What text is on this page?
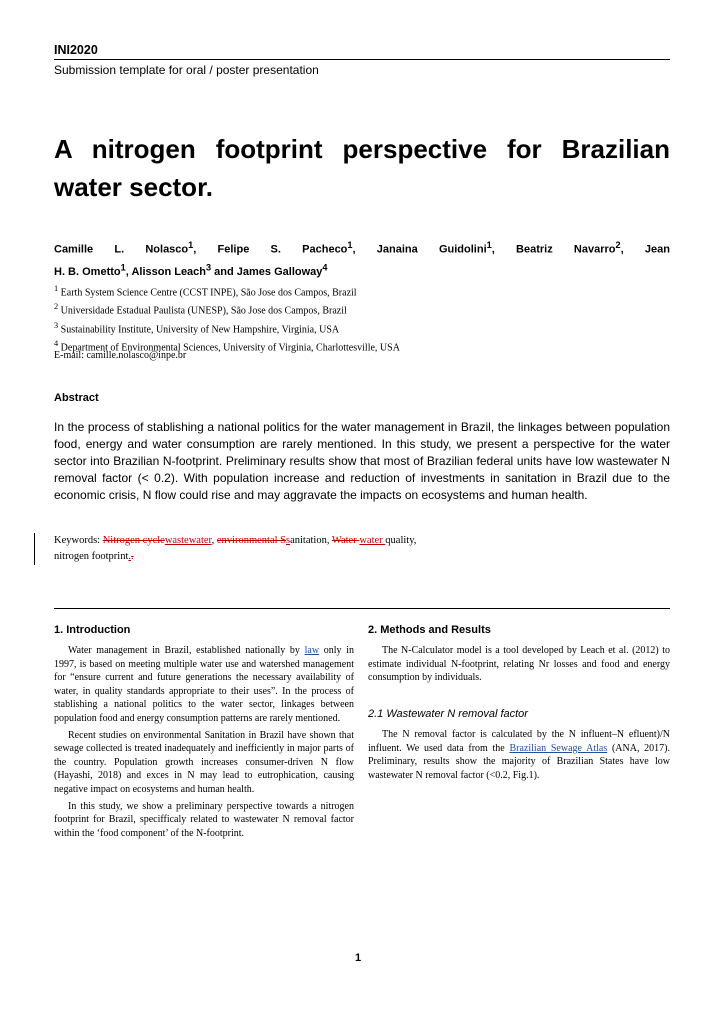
INI2020
Submission template for oral / poster presentation
A nitrogen footprint perspective for Brazilian
water sector.
Camille L. Nolasco$^1$, Felipe S. Pacheco$^1$, Janaina Guidolini$^1$, Beatriz Navarro$^2$, Jean
H. B. Ometto$^1$, Alisson Leach$^3$ and James Galloway$^4$
$^1$ Earth System Science Centre (CCST INPE), São Jose dos Campos, Brazil
$^2$ Universidade Estadual Paulista (UNESP), São Jose dos Campos, Brazil
$^3$ Sustainability Institute, University of New Hampshire, Virginia, USA
$^4$ Department of Environmental Sciences, University of Virginia, Charlottesville, USA
E-mail: camille.nolasco@inpe.br
Abstract
In the process of stablishing a national politics for the water management in Brazil, the linkages between population food, energy and water consumption are rarely mentioned. In this study, we present a perspective for the water sector into Brazilian N-footprint. Preliminary results show that most of Brazilian federal units have low wastewater N removal factor (< 0.2). With population increase and reduction of investments in sanitation in Brazil due to the economic crisis, N flow could rise and may aggravate the impacts on ecosystems and human health.
Keywords: Nitrogen cyclewastewater, environmental Ssanitation, Water water quality,
nitrogen footprint..
1. Introduction

Water management in Brazil, established nationally by law only in 1997, is based on meeting multiple water use and watershed management for “ensure current and future generations the necessary availability of water, in quality standards appropriate to their uses”. In the process of stablishing a national politics to the water sector, linkages between population food and energy consumption patterns are rarely mentioned.

Recent studies on environmental Sanitation in Brazil have shown that sewage collected is treated inadequately and inefficiently in major parts of the country. Population growth increases consumer-driven N flow (Hayashi, 2018) and exces in N may lead to eutrophication, causing negative impact on ecosystems and human health.

In this study, we show a preliminary perspective towards a nitrogen footprint for Brazil, specifficaly related to wastewater N removal factor within the ‘food component’ of the N-footprint.

2. Methods and Results

The N-Calculator model is a tool developed by Leach et al. (2012) to estimate individual N-footprint, relating Nr losses and food and energy consumption by individuals.

2.1 Wastewater N removal factor

The N removal factor is calculated by the N influent–N efluent)/N influent. We used data from the Brazilian Sewage Atlas (ANA, 2017). Preliminary, results show the majority of Brazilian States have low wastewater N removal factor (<0.2, Fig.1).

1
